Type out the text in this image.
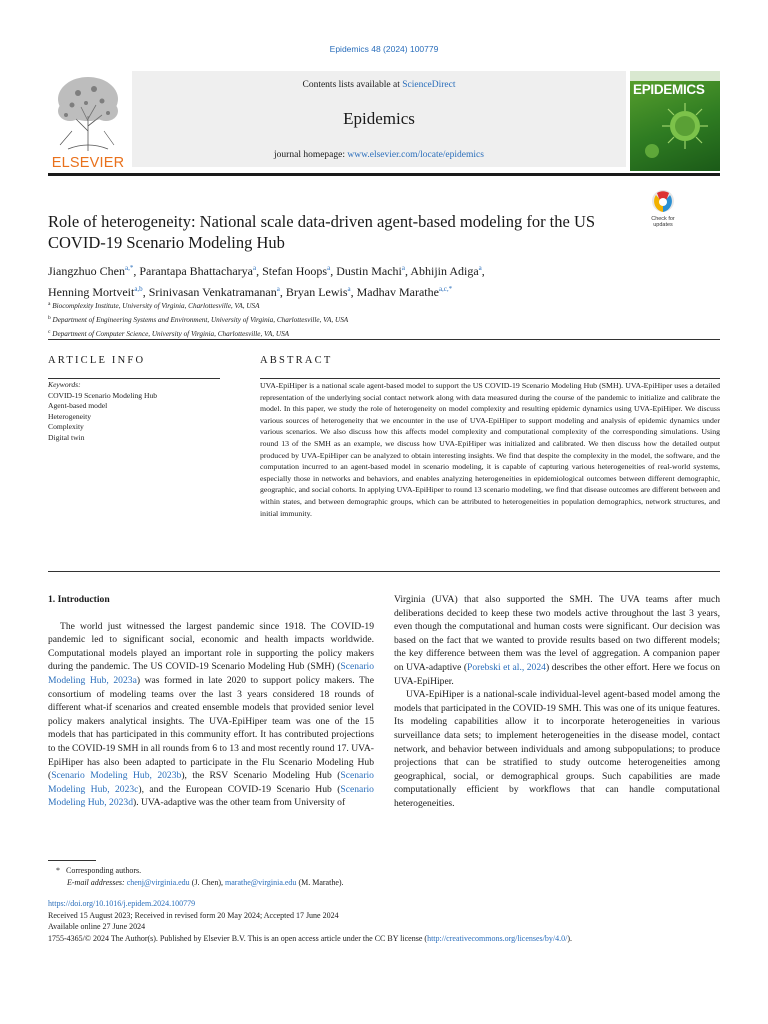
Epidemics 48 (2024) 100779
ELSEVIER
Contents lists available at ScienceDirect
Epidemics
journal homepage: www.elsevier.com/locate/epidemics
EPIDEMICS
Role of heterogeneity: National scale data-driven agent-based modeling for the US COVID-19 Scenario Modeling Hub
Check for
updates
Jiangzhuo Chen$^{a,*}$, Parantapa Bhattacharya$^a$, Stefan Hoops$^a$, Dustin Machi$^a$, Abhijin Adiga$^a$,
Henning Mortveit$^{a,b}$, Srinivasan Venkatramanan$^a$, Bryan Lewis$^a$, Madhav Marathe$^{a,c,*}$
$^a$ Biocomplexity Institute, University of Virginia, Charlottesville, VA, USA
$^b$ Department of Engineering Systems and Environment, University of Virginia, Charlottesville, VA, USA
$^c$ Department of Computer Science, University of Virginia, Charlottesville, VA, USA
ARTICLE INFO	ABSTRACT
Keywords:
COVID-19 Scenario Modeling Hub
Agent-based model
Heterogeneity
Complexity
Digital twin
UVA-EpiHiper is a national scale agent-based model to support the US COVID-19 Scenario Modeling Hub (SMH). UVA-EpiHiper uses a detailed representation of the underlying social contact network along with data measured during the course of the pandemic to initialize and calibrate the model. In this paper, we study the role of heterogeneity on model complexity and resulting epidemic dynamics using UVA-EpiHiper. We discuss various sources of heterogeneity that we encounter in the use of UVA-EpiHiper to support modeling and analysis of epidemic dynamics under various scenarios. We also discuss how this affects model complexity and computational complexity of the corresponding simulations. Using round 13 of the SMH as an example, we discuss how UVA-EpiHiper was initialized and calibrated. We then discuss how the detailed output produced by UVA-EpiHiper can be analyzed to obtain interesting insights. We find that despite the complexity in the model, the software, and the computation incurred to an agent-based model in scenario modeling, it is capable of capturing various heterogeneities of real-world systems, especially those in networks and behaviors, and enables analyzing heterogeneities in epidemiological outcomes between different demographic, geographic, and social cohorts. In applying UVA-EpiHiper to round 13 scenario modeling, we find that disease outcomes are different between and within states, and between demographic groups, which can be attributed to heterogeneities in population demographics, network structures, and initial immunity.
1. Introduction
The world just witnessed the largest pandemic since 1918. The COVID-19 pandemic led to significant social, economic and health impacts worldwide. Computational models played an important role in supporting the policy makers during the pandemic. The US COVID-19 Scenario Modeling Hub (SMH) (Scenario Modeling Hub, 2023a) was formed in late 2020 to support policy makers. The consortium of modeling teams over the last 3 years considered 18 rounds of different what-if scenarios and created ensemble models that provided senior level policy makers analytical insights. The UVA-EpiHiper team was one of the 15 models that has participated in this community effort. It has contributed projections to the COVID-19 SMH in all rounds from 6 to 13 and most recently round 17. UVA-EpiHiper has also been adapted to participate in the Flu Scenario Modeling Hub (Scenario Modeling Hub, 2023b), the RSV Scenario Modeling Hub (Scenario Modeling Hub, 2023c), and the European COVID-19 Scenario Hub (Scenario Modeling Hub, 2023d). UVA-adaptive was the other team from University of
Virginia (UVA) that also supported the SMH. The UVA teams after much deliberations decided to keep these two models active throughout the last 3 years, even though the computational and human costs were significant. Our decision was based on the fact that we wanted to provide results based on two different models; the key difference between them was the level of aggregation. A companion paper on UVA-adaptive (Porebski et al., 2024) describes the other effort. Here we focus on UVA-EpiHiper.
UVA-EpiHiper is a national-scale individual-level agent-based model among the models that participated in the COVID-19 SMH. This was one of its unique features. Its modeling capabilities allow it to incorporate heterogeneities in various surveillance data sets; to implement heterogeneities in the disease model, contact network, and behavior between individuals and among subpopulations; to produce projections that can be stratified to study outcome heterogeneities among geographical, social, or demographical groups. Such capabilities are made computationally efficient by workflows that can handle computational heterogeneities.
* Corresponding authors.
E-mail addresses: chenj@virginia.edu (J. Chen), marathe@virginia.edu (M. Marathe).
https://doi.org/10.1016/j.epidem.2024.100779
Received 15 August 2023; Received in revised form 20 May 2024; Accepted 17 June 2024
Available online 27 June 2024
1755-4365/© 2024 The Author(s). Published by Elsevier B.V. This is an open access article under the CC BY license (http://creativecommons.org/licenses/by/4.0/).
